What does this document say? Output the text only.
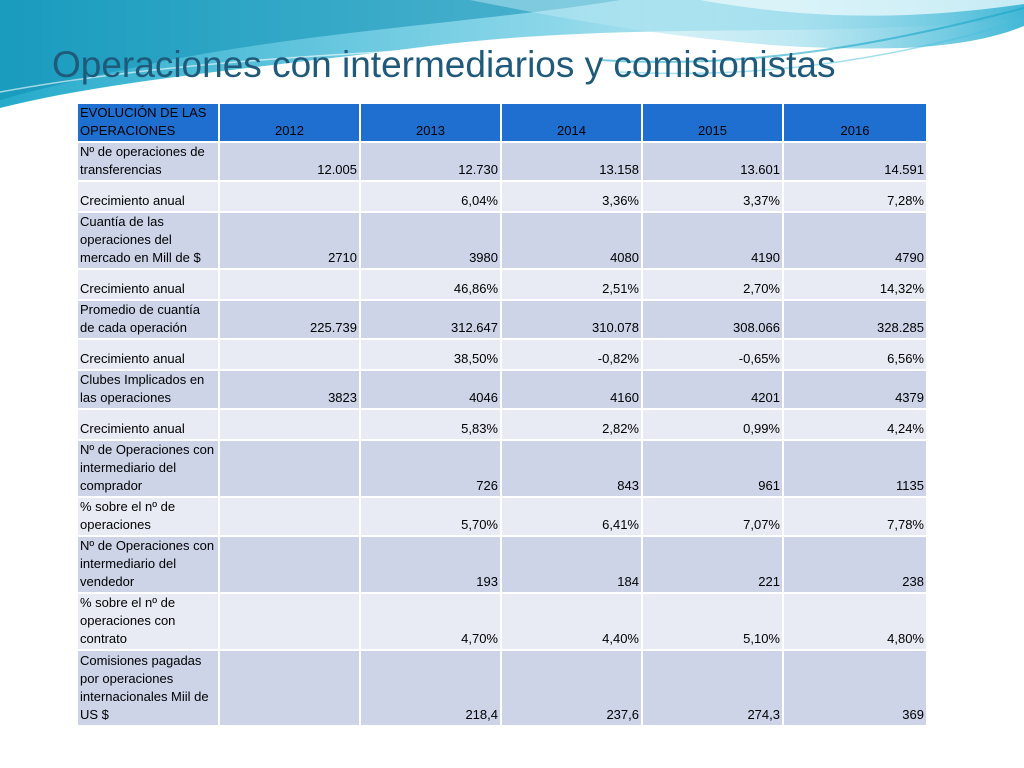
Operaciones con intermediarios y comisionistas
EVOLUCIÓN DE LAS OPERACIONES	2012	2013	2014	2015	2016
Nº de operaciones de transferencias	12.005	12.730	13.158	13.601	14.591
Crecimiento anual		6,04%	3,36%	3,37%	7,28%
Cuantía de las operaciones del mercado en Mill de $	2710	3980	4080	4190	4790
Crecimiento anual		46,86%	2,51%	2,70%	14,32%
Promedio de cuantía de cada operación	225.739	312.647	310.078	308.066	328.285
Crecimiento anual		38,50%	-0,82%	-0,65%	6,56%
Clubes Implicados en las operaciones	3823	4046	4160	4201	4379
Crecimiento anual		5,83%	2,82%	0,99%	4,24%
Nº de Operaciones con intermediario del comprador		726	843	961	1135
% sobre el nº de operaciones		5,70%	6,41%	7,07%	7,78%
Nº de Operaciones con intermediario del vendedor		193	184	221	238
% sobre el nº de operaciones con contrato		4,70%	4,40%	5,10%	4,80%
Comisiones pagadas por operaciones internacionales Miil de US $		218,4	237,6	274,3	369
